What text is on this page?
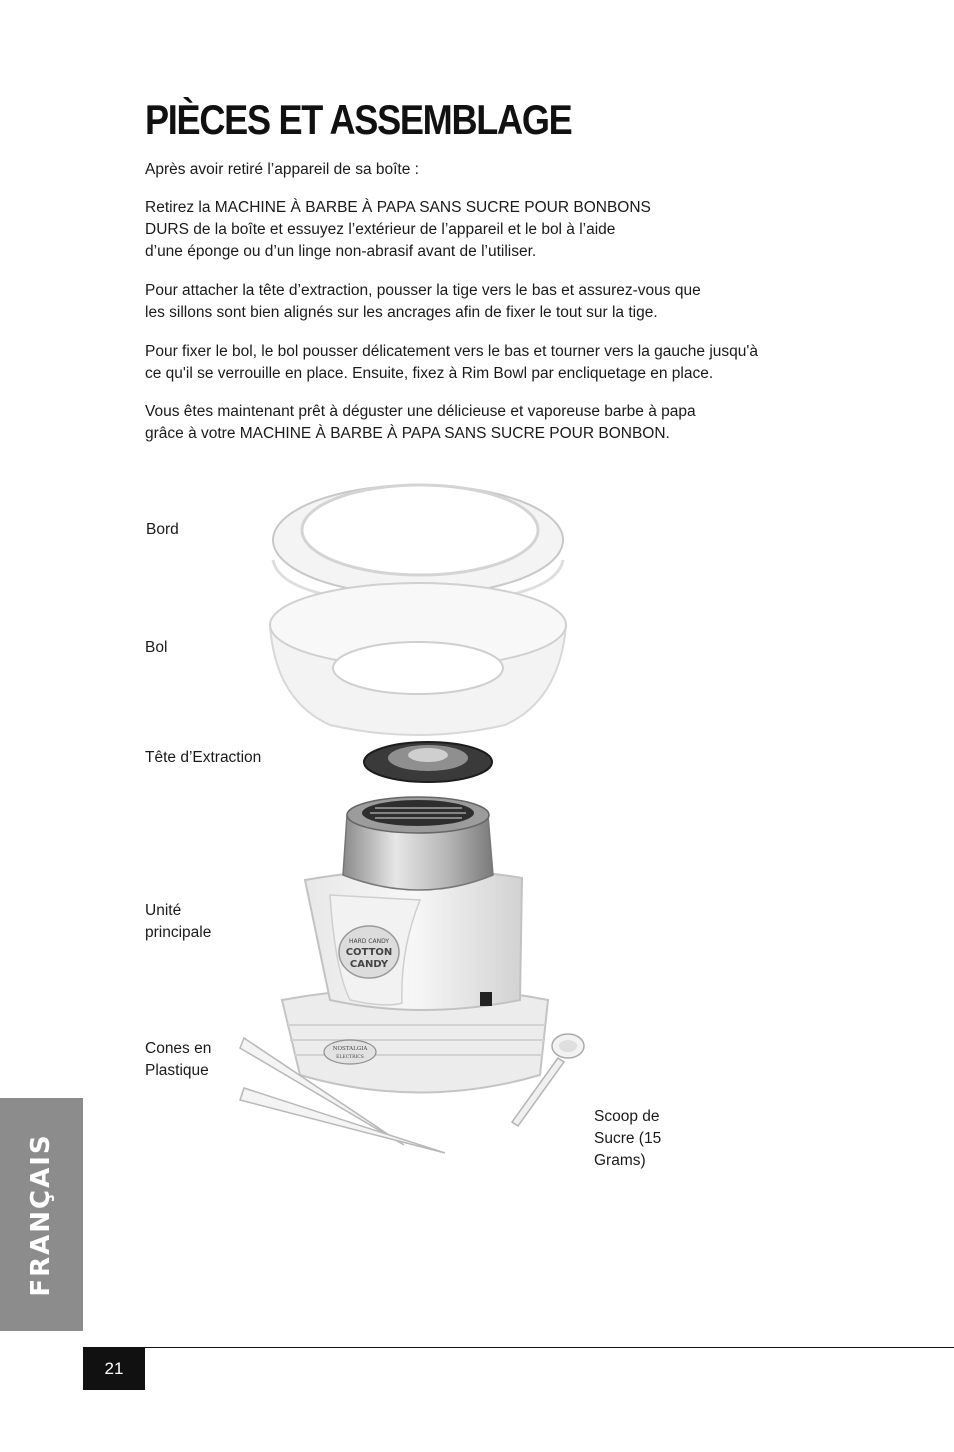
PIÈCES ET ASSEMBLAGE

Après avoir retiré l’appareil de sa boîte :

Retirez la MACHINE À BARBE À PAPA SANS SUCRE POUR BONBONS
DURS de la boîte et essuyez l’extérieur de l’appareil et le bol à l’aide
d’une éponge ou d’un linge non-abrasif avant de l’utiliser.

Pour attacher la tête d’extraction, pousser la tige vers le bas et assurez-vous que
les sillons sont bien alignés sur les ancrages afin de fixer le tout sur la tige.

Pour fixer le bol, le bol pousser délicatement vers le bas et tourner vers la gauche jusqu'à
ce qu'il se verrouille en place. Ensuite, fixez à Rim Bowl par encliquetage en place.

Vous êtes maintenant prêt à déguster une délicieuse et vaporeuse barbe à papa
grâce à votre MACHINE À BARBE À PAPA SANS SUCRE POUR BONBON.

Bord

Bol

Tête d’Extraction

Unité
principale

Cones en
Plastique

Scoop de
Sucre (15
Grams)

HARD CANDY
COTTON
CANDY
NOSTALGIA
ELECTRICS
FRANÇAIS
21
